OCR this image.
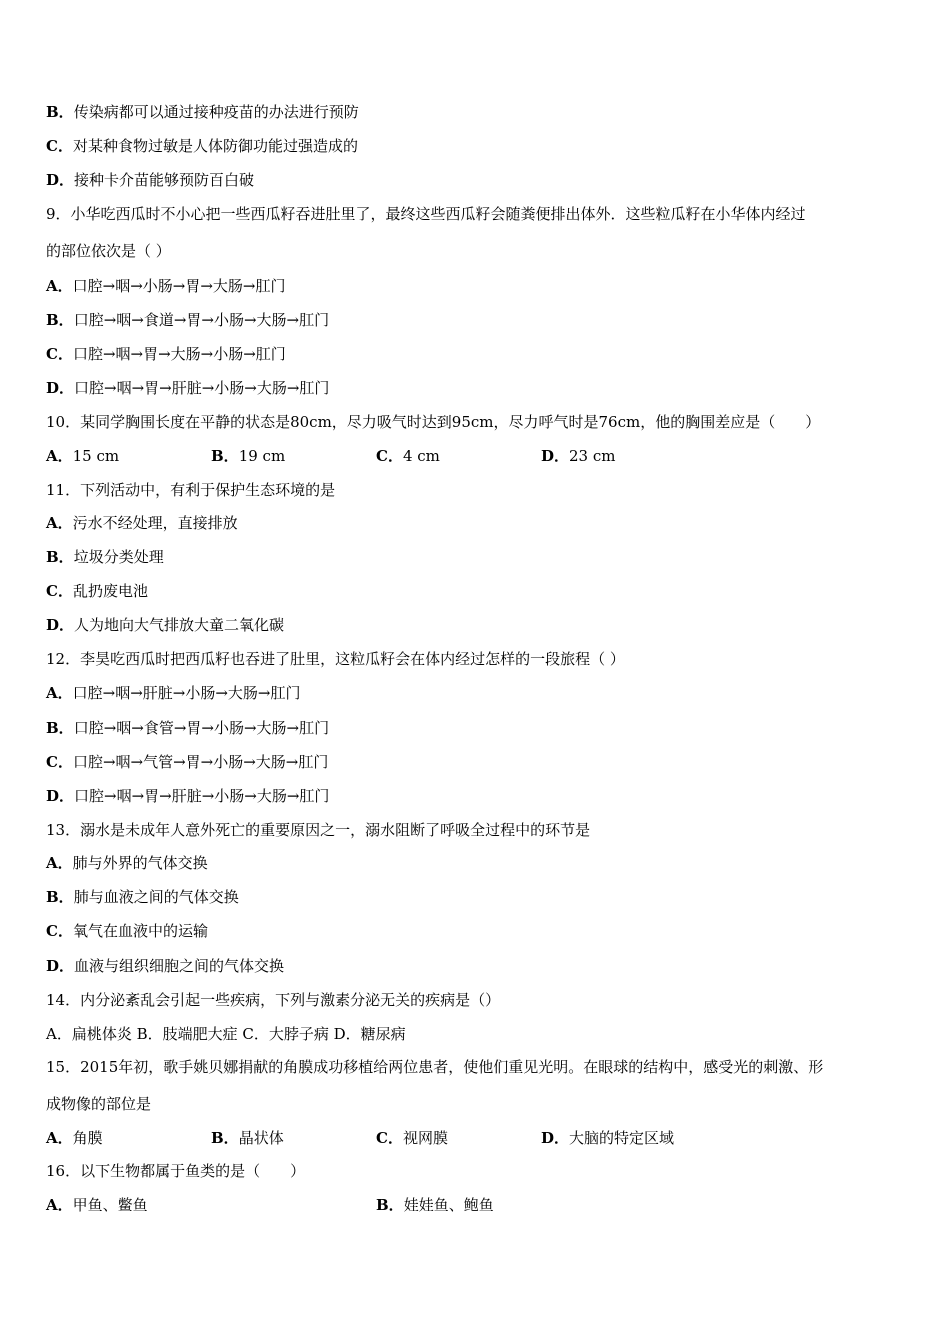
B．传染病都可以通过接种疫苗的办法进行预防
C．对某种食物过敏是人体防御功能过强造成的
D．接种卡介苗能够预防百白破
9．小华吃西瓜时不小心把一些西瓜籽吞进肚里了，最终这些西瓜籽会随粪便排出体外．这些粒瓜籽在小华体内经过
的部位依次是（ ）
A．口腔→咽→小肠→胃→大肠→肛门
B．口腔→咽→食道→胃→小肠→大肠→肛门
C．口腔→咽→胃→大肠→小肠→肛门
D．口腔→咽→胃→肝脏→小肠→大肠→肛门
10．某同学胸围长度在平静的状态是80cm，尽力吸气时达到95cm，尽力呼气时是76cm，他的胸围差应是（　　）
A．15 cm	B．19 cm	C．4 cm	D．23 cm
11．下列活动中，有利于保护生态环境的是
A．污水不经处理，直接排放
B．垃圾分类处理
C．乱扔废电池
D．人为地向大气排放大童二氧化碳
12．李昊吃西瓜时把西瓜籽也吞进了肚里，这粒瓜籽会在体内经过怎样的一段旅程（ ）
A．口腔→咽→肝脏→小肠→大肠→肛门
B．口腔→咽→食管→胃→小肠→大肠→肛门
C．口腔→咽→气管→胃→小肠→大肠→肛门
D．口腔→咽→胃→肝脏→小肠→大肠→肛门
13．溺水是未成年人意外死亡的重要原因之一，溺水阻断了呼吸全过程中的环节是
A．肺与外界的气体交换
B．肺与血液之间的气体交换
C．氧气在血液中的运输
D．血液与组织细胞之间的气体交换
14．内分泌紊乱会引起一些疾病，下列与激素分泌无关的疾病是（）
A．扁桃体炎 B．肢端肥大症 C．大脖子病 D．糖尿病
15．2015年初，歌手姚贝娜捐献的角膜成功移植给两位患者，使他们重见光明。在眼球的结构中，感受光的刺激、形
成物像的部位是
A．角膜	B．晶状体	C．视网膜	D．大脑的特定区域
16．以下生物都属于鱼类的是（　　）
A．甲鱼、鳖鱼	B．娃娃鱼、鲍鱼
